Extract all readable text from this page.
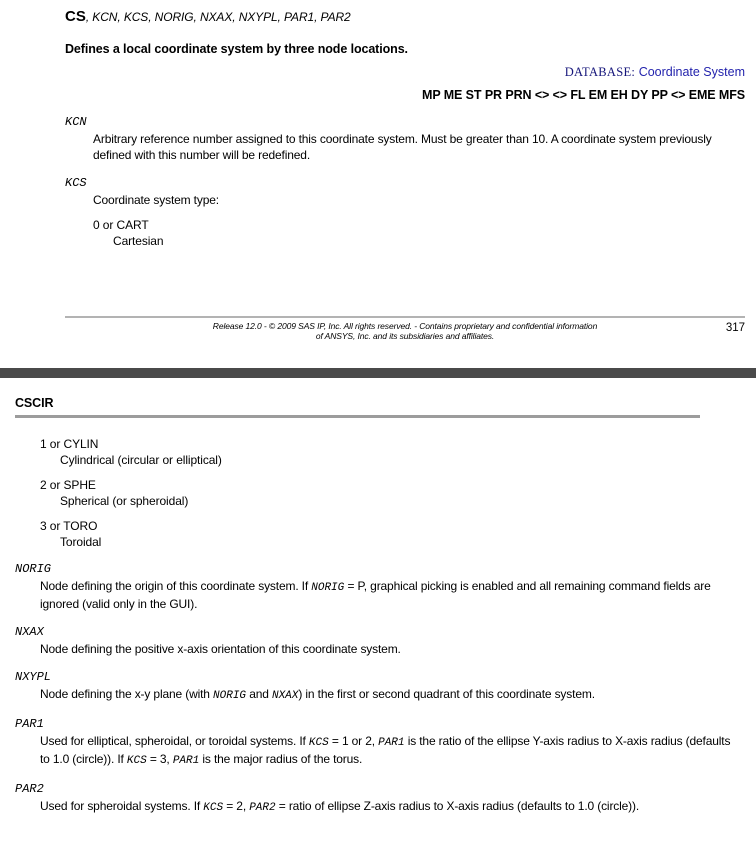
CS, KCN, KCS, NORIG, NXAX, NXYPL, PAR1, PAR2
Defines a local coordinate system by three node locations.
DATABASE: Coordinate System
MP ME ST PR PRN <> <> FL EM EH DY PP <> EME MFS
KCN
Arbitrary reference number assigned to this coordinate system. Must be greater than 10. A coordinate system previously defined with this number will be redefined.
KCS
Coordinate system type:
0 or CART
Cartesian
Release 12.0 - © 2009 SAS IP, Inc. All rights reserved. - Contains proprietary and confidential information
of ANSYS, Inc. and its subsidiaries and affiliates.
317
CSCIR
1 or CYLIN
Cylindrical (circular or elliptical)
2 or SPHE
Spherical (or spheroidal)
3 or TORO
Toroidal
NORIG
Node defining the origin of this coordinate system. If NORIG = P, graphical picking is enabled and all remaining command fields are ignored (valid only in the GUI).
NXAX
Node defining the positive x-axis orientation of this coordinate system.
NXYPL
Node defining the x-y plane (with NORIG and NXAX) in the first or second quadrant of this coordinate system.
PAR1
Used for elliptical, spheroidal, or toroidal systems. If KCS = 1 or 2, PAR1 is the ratio of the ellipse Y-axis radius to X-axis radius (defaults to 1.0 (circle)). If KCS = 3, PAR1 is the major radius of the torus.
PAR2
Used for spheroidal systems. If KCS = 2, PAR2 = ratio of ellipse Z-axis radius to X-axis radius (defaults to 1.0 (circle)).
